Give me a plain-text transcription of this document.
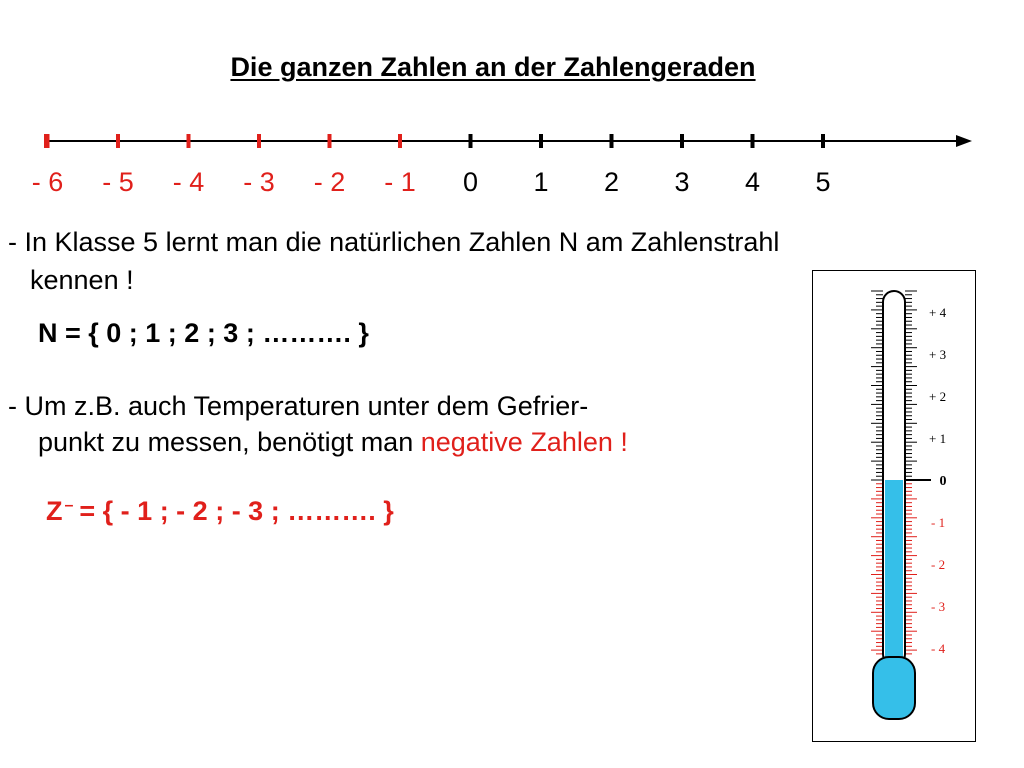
Die ganzen Zahlen an der Zahlengeraden
- 6 - 5 - 4 - 3 - 2 - 1 0 1 2 3 4 5
- In Klasse 5 lernt man die natürlichen Zahlen N am Zahlenstrahl
kennen !
N = { 0 ; 1 ; 2 ; 3 ; ………. }
- Um z.B. auch Temperaturen unter dem Gefrier-
punkt zu messen, benötigt man negative Zahlen !
Z – = { - 1 ; - 2 ; - 3 ; ………. }
+ 4
+ 3
+ 2
+ 1
0
- 1
- 2
- 3
- 4
